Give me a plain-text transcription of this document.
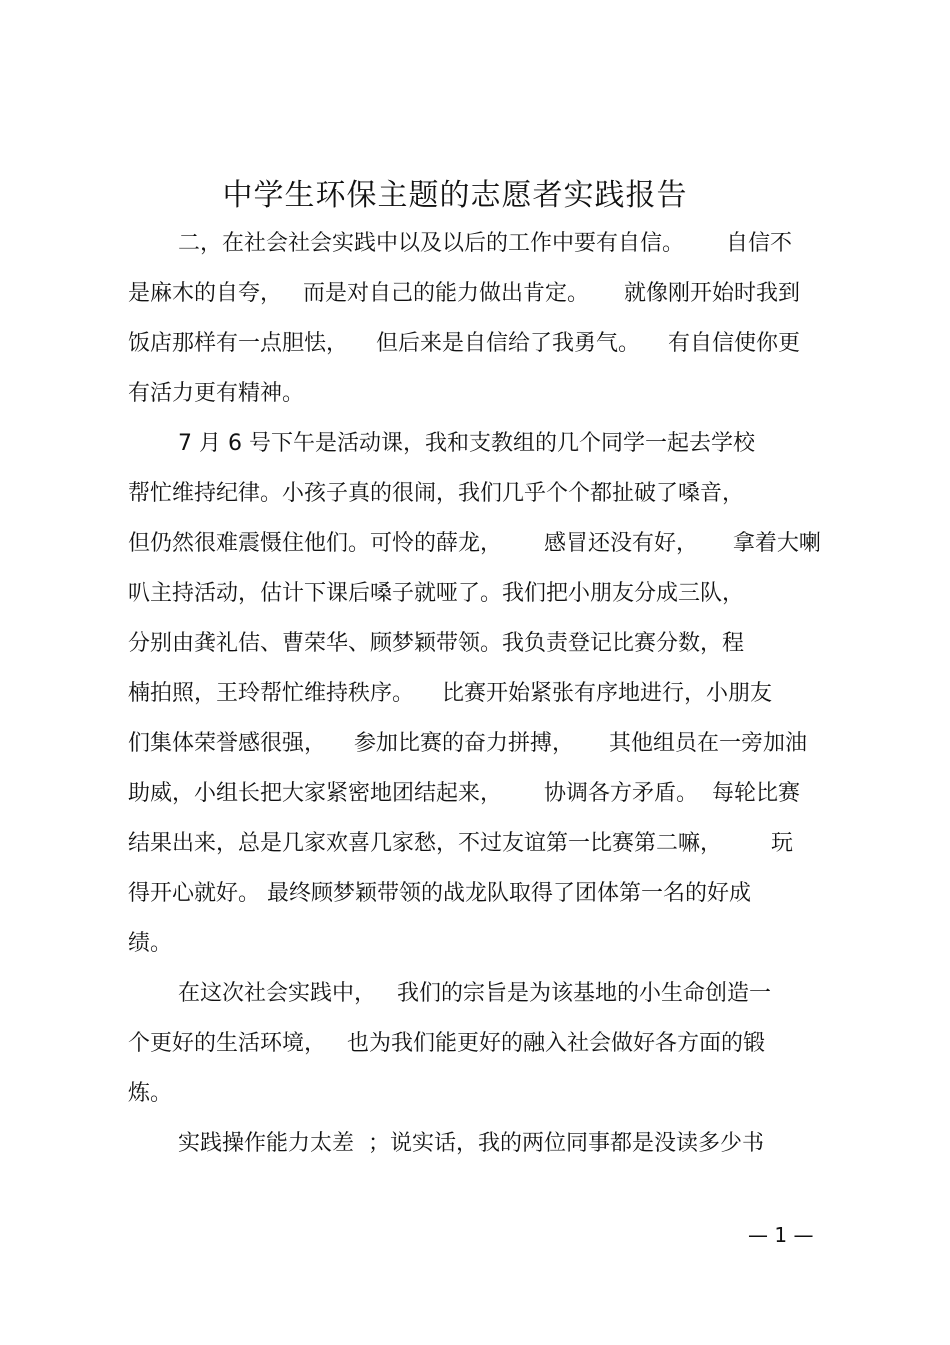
中学生环保主题的志愿者实践报告
二，在社会社会实践中以及以后的工作中要有自信。      自信不
是麻木的自夸，   而是对自己的能力做出肯定。     就像刚开始时我到
饭店那样有一点胆怯，    但后来是自信给了我勇气。    有自信使你更
有活力更有精神。
7 月 6 号下午是活动课，我和支教组的几个同学一起去学校
帮忙维持纪律。小孩子真的很闹，我们几乎个个都扯破了嗓音，
但仍然很难震慑住他们。可怜的薛龙，      感冒还没有好，     拿着大喇
叭主持活动，估计下课后嗓子就哑了。我们把小朋友分成三队，
分别由龚礼佶、曹荣华、顾梦颖带领。我负责登记比赛分数，程
楠拍照，王玲帮忙维持秩序。    比赛开始紧张有序地进行，小朋友
们集体荣誉感很强，    参加比赛的奋力拼搏，     其他组员在一旁加油
助威，小组长把大家紧密地团结起来，      协调各方矛盾。  每轮比赛
结果出来，总是几家欢喜几家愁，不过友谊第一比赛第二嘛，       玩
得开心就好。 最终顾梦颖带领的战龙队取得了团体第一名的好成
绩。
在这次社会实践中，   我们的宗旨是为该基地的小生命创造一
个更好的生活环境，   也为我们能更好的融入社会做好各方面的锻
炼。
实践操作能力太差  ；说实话，我的两位同事都是没读多少书
— 1 —
